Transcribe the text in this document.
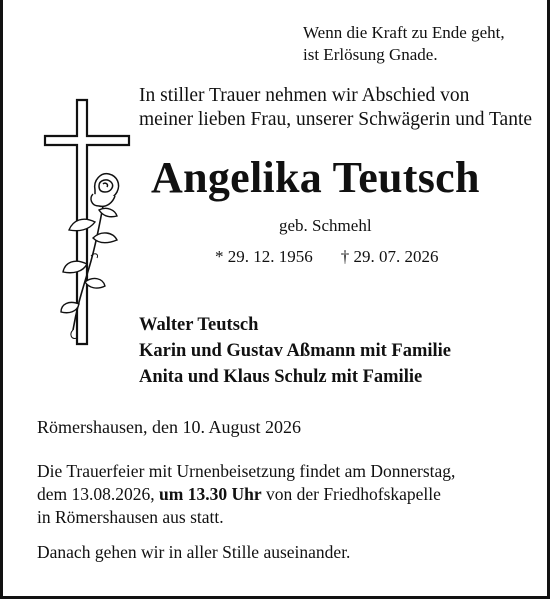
Wenn die Kraft zu Ende geht,
ist Erlösung Gnade.
In stiller Trauer nehmen wir Abschied von
meiner lieben Frau, unserer Schwägerin und Tante
Angelika Teutsch
geb. Schmehl
* 29. 12. 1956 † 29. 07. 2026
Walter Teutsch
Karin und Gustav Aßmann mit Familie
Anita und Klaus Schulz mit Familie
Römershausen, den 10. August 2026
Die Trauerfeier mit Urnenbeisetzung findet am Donnerstag,
dem 13.08.2026, um 13.30 Uhr von der Friedhofskapelle
in Römershausen aus statt.
Danach gehen wir in aller Stille auseinander.
